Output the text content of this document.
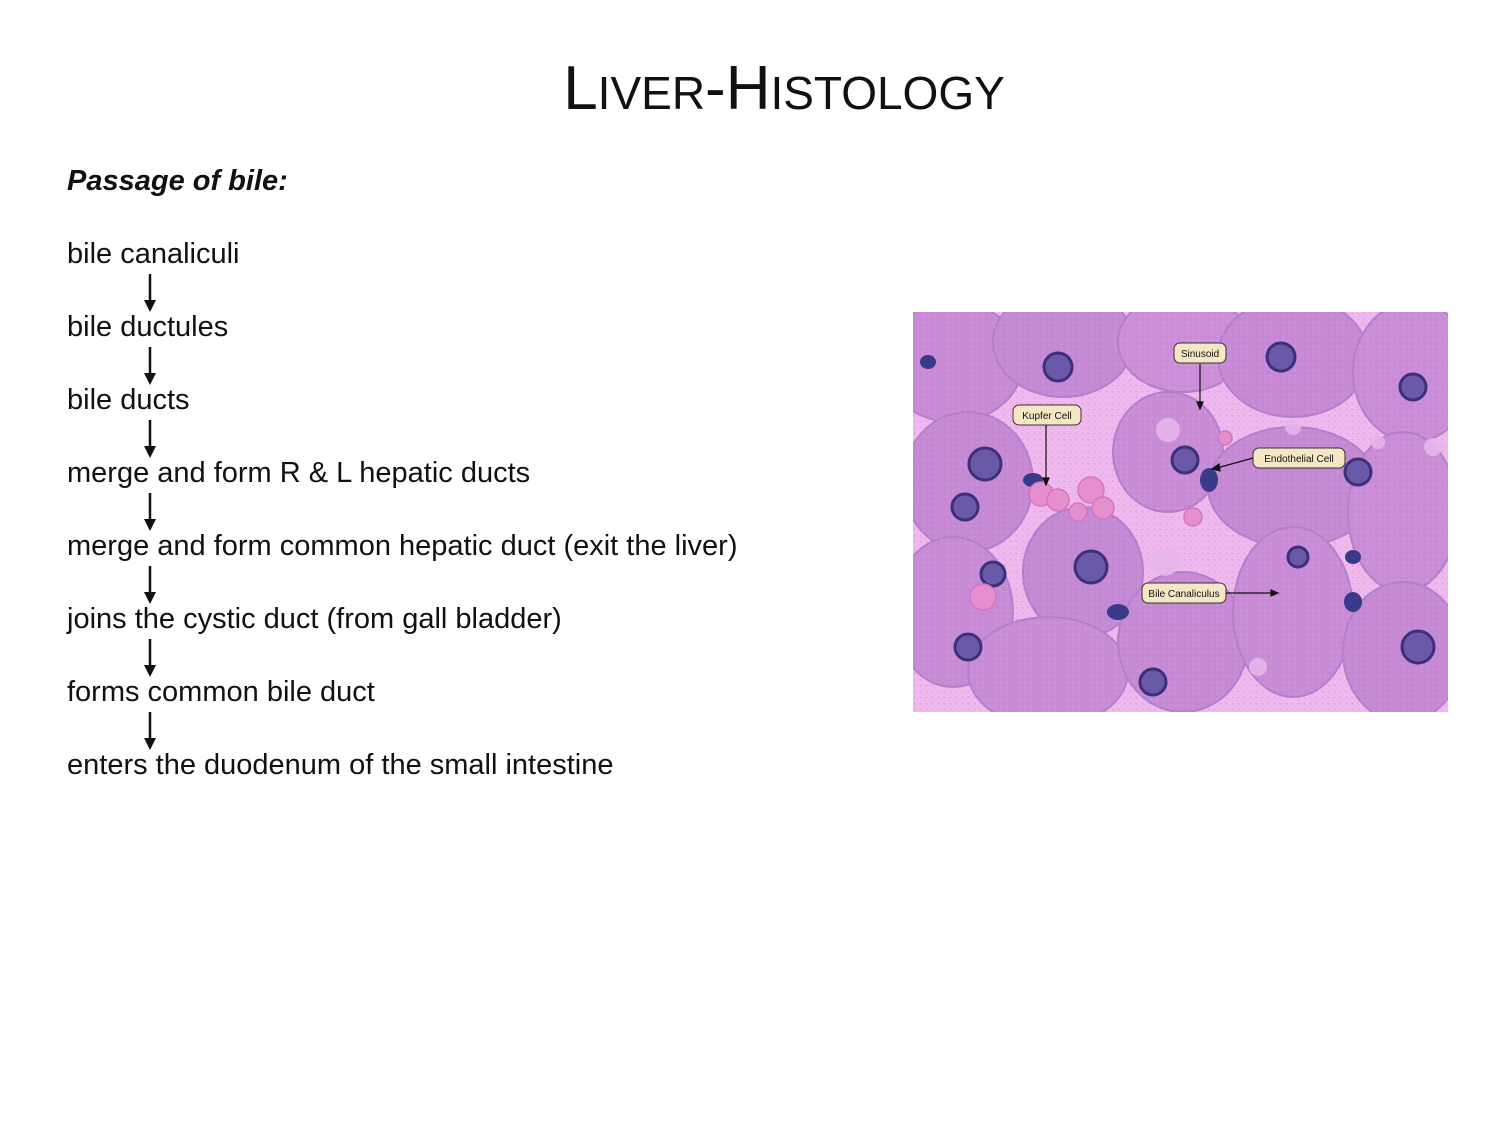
LIVER-HISTOLOGY
Passage of bile:
bile canaliculi
bile ductules
bile ducts
merge and form R & L hepatic ducts
merge and form common hepatic duct (exit the liver)
joins the cystic duct (from gall bladder)
forms common bile duct
enters the duodenum of the small intestine
Sinusoid
Kupfer Cell
Endothelial Cell
Bile Canaliculus
